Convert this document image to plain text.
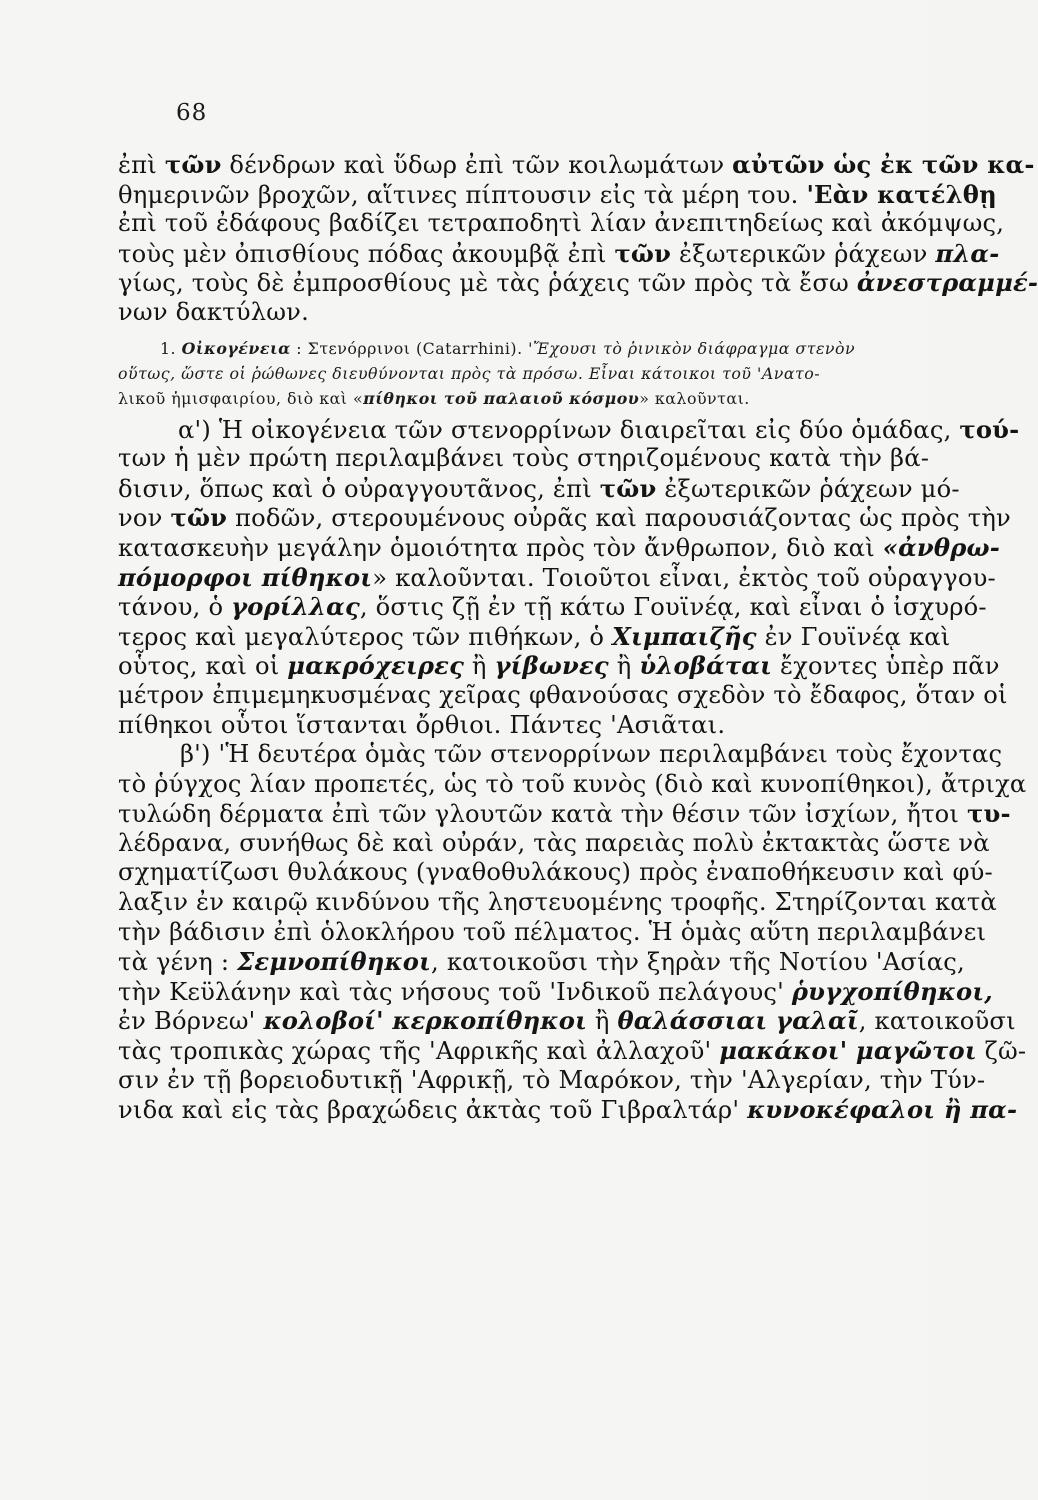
68
ἐπὶ τῶν δένδρων καὶ ὕδωρ ἐπὶ τῶν κοιλωμάτων αὐτῶν ὡς ἐκ τῶν κα-
θημερινῶν βροχῶν, αἵτινες πίπτουσιν εἰς τὰ μέρη του. 'Εὰν κατέλθῃ
ἐπὶ τοῦ ἐδάφους βαδίζει τετραποδητὶ λίαν ἀνεπιτηδείως καὶ ἀκόμψως,
τοὺς μὲν ὀπισθίους πόδας ἀκουμβᾷ ἐπὶ τῶν ἐξωτερικῶν ῥάχεων πλα-
γίως, τοὺς δὲ ἐμπροσθίους μὲ τὰς ῥάχεις τῶν πρὸς τὰ ἔσω ἀνεστραμμέ-
νων δακτύλων.
1. Οἰκογένεια : Στενόρρινοι (Catarrhini). 'Ἔχουσι τὸ ῥινικὸν διάφραγμα στενὸν
οὕτως, ὥστε οἱ ῥώθωνες διευθύνονται πρὸς τὰ πρόσω. Εἶναι κάτοικοι τοῦ 'Ανατο-
λικοῦ ἡμισφαιρίου, διὸ καὶ «πίθηκοι τοῦ παλαιοῦ κόσμου» καλοῦνται.
α') Ἡ οἰκογένεια τῶν στενορρίνων διαιρεῖται εἰς δύο ὁμάδας, τού-
των ἡ μὲν πρώτη περιλαμβάνει τοὺς στηριζομένους κατὰ τὴν βά-
δισιν, ὅπως καὶ ὁ οὐραγγουτᾶνος, ἐπὶ τῶν ἐξωτερικῶν ῥάχεων μό-
νον τῶν ποδῶν, στερουμένους οὐρᾶς καὶ παρουσιάζοντας ὡς πρὸς τὴν
κατασκευὴν μεγάλην ὁμοιότητα πρὸς τὸν ἄνθρωπον, διὸ καὶ «ἀνθρω-
πόμορφοι πίθηκοι» καλοῦνται. Τοιοῦτοι εἶναι, ἐκτὸς τοῦ οὐραγγου-
τάνου, ὁ γορίλλας, ὅστις ζῇ ἐν τῇ κάτω Γουϊνέᾳ, καὶ εἶναι ὁ ἰσχυρό-
τερος καὶ μεγαλύτερος τῶν πιθήκων, ὁ Χιμπαιζῆς ἐν Γουϊνέᾳ καὶ
οὗτος, καὶ οἱ μακρόχειρες ἢ γίβωνες ἢ ὑλοβάται ἔχοντες ὑπὲρ πᾶν
μέτρον ἐπιμεμηκυσμένας χεῖρας φθανούσας σχεδὸν τὸ ἔδαφος, ὅταν οἱ
πίθηκοι οὗτοι ἵστανται ὄρθιοι. Πάντες 'Ασιᾶται.
β') 'Ἡ δευτέρα ὁμὰς τῶν στενορρίνων περιλαμβάνει τοὺς ἔχοντας
τὸ ῥύγχος λίαν προπετές, ὡς τὸ τοῦ κυνὸς (διὸ καὶ κυνοπίθηκοι), ἄτριχα
τυλώδη δέρματα ἐπὶ τῶν γλουτῶν κατὰ τὴν θέσιν τῶν ἰσχίων, ἤτοι τυ-
λέδρανα, συνήθως δὲ καὶ οὐράν, τὰς παρειὰς πολὺ ἐκτακτὰς ὥστε νὰ
σχηματίζωσι θυλάκους (γναθοθυλάκους) πρὸς ἐναποθήκευσιν καὶ φύ-
λαξιν ἐν καιρῷ κινδύνου τῆς ληστευομένης τροφῆς. Στηρίζονται κατὰ
τὴν βάδισιν ἐπὶ ὁλοκλήρου τοῦ πέλματος. Ἡ ὁμὰς αὕτη περιλαμβάνει
τὰ γένη : Σεμνοπίθηκοι, κατοικοῦσι τὴν ξηρὰν τῆς Νοτίου 'Ασίας,
τὴν Κεϋλάνην καὶ τὰς νήσους τοῦ 'Ινδικοῦ πελάγους' ῥυγχοπίθηκοι,
ἐν Βόρνεω' κολοβοί' κερκοπίθηκοι ἢ θαλάσσιαι γαλαῖ, κατοικοῦσι
τὰς τροπικὰς χώρας τῆς 'Αφρικῆς καὶ ἀλλαχοῦ' μακάκοι' μαγῶτοι ζῶ-
σιν ἐν τῇ βορειοδυτικῇ 'Αφρικῇ, τὸ Μαρόκον, τὴν 'Αλγερίαν, τὴν Τύν-
νιδα καὶ εἰς τὰς βραχώδεις ἀκτὰς τοῦ Γιβραλτάρ' κυνοκέφαλοι ἢ πα-
